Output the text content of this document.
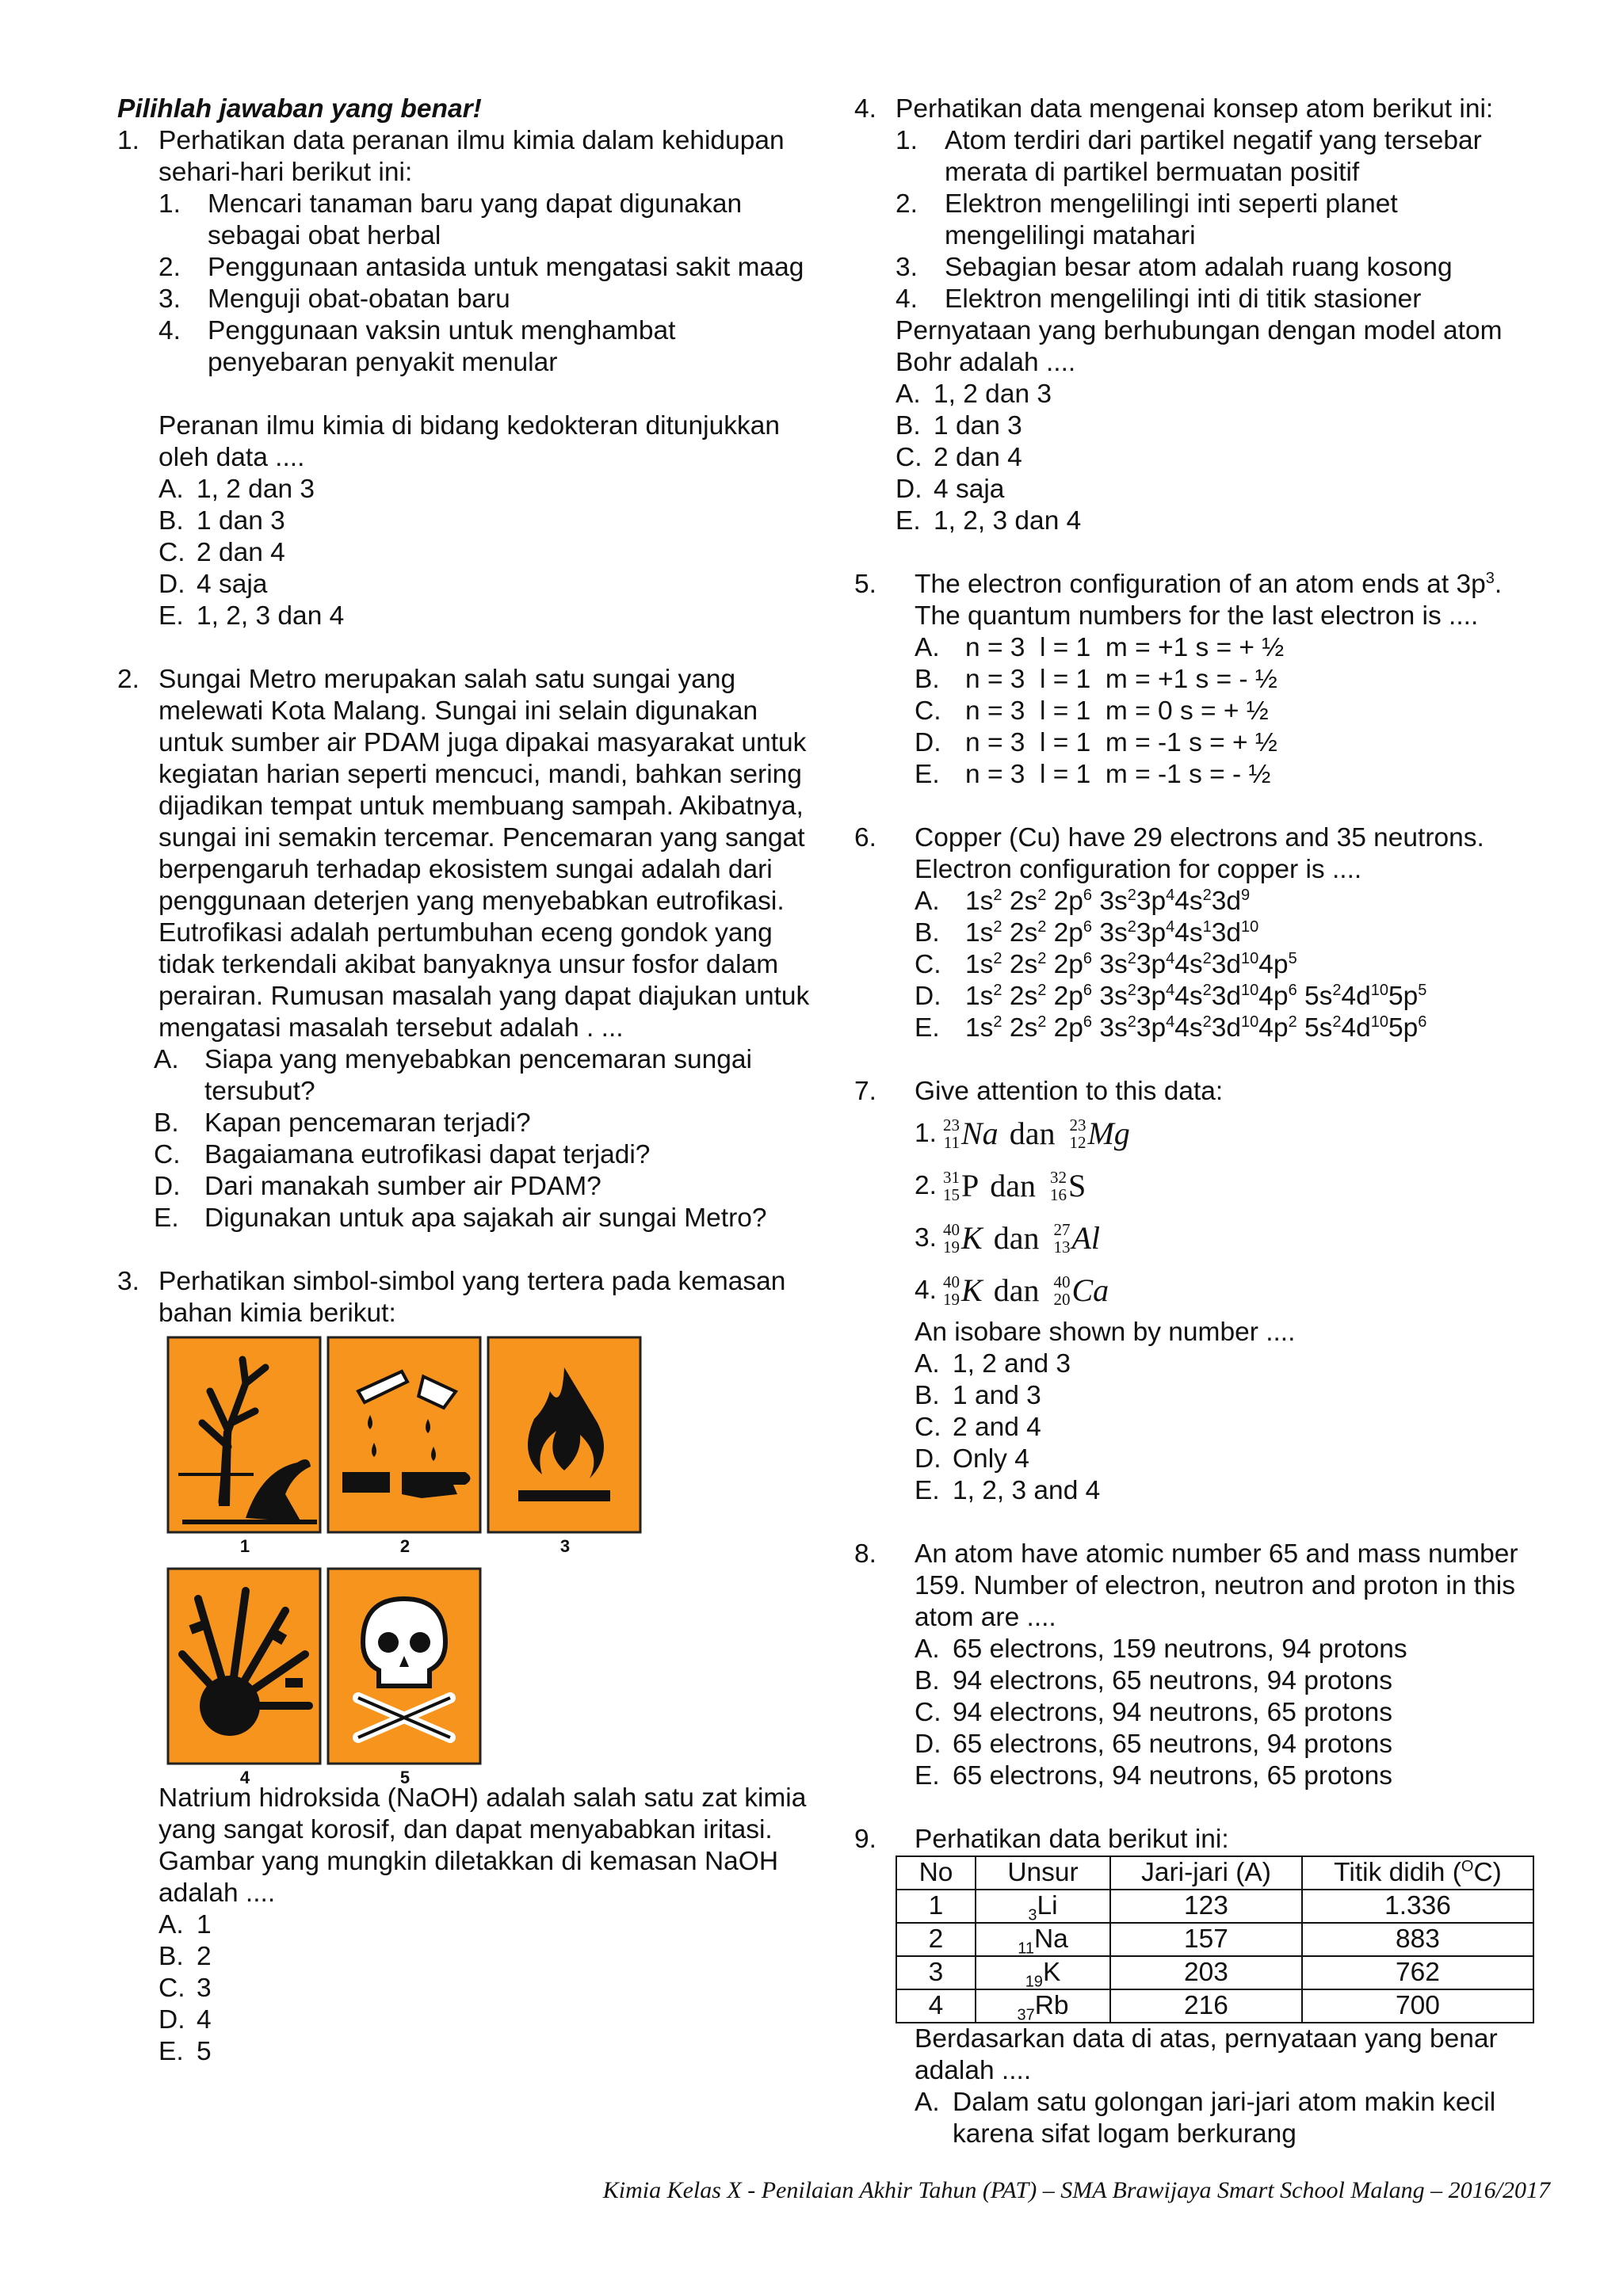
Pilihlah jawaban yang benar!
1. Perhatikan data peranan ilmu kimia dalam kehidupan sehari-hari berikut ini:
1.	Mencari tanaman baru yang dapat digunakan sebagai obat herbal
2.	Penggunaan antasida untuk mengatasi sakit maag
3.	Menguji obat-obatan baru
4.	Penggunaan vaksin untuk menghambat penyebaran penyakit menular
Peranan ilmu kimia di bidang kedokteran ditunjukkan oleh data ....
A. 1, 2 dan 3
B. 1 dan 3
C. 2 dan 4
D. 4 saja
E. 1, 2, 3 dan 4
2. Sungai Metro merupakan salah satu sungai yang melewati Kota Malang. Sungai ini selain digunakan untuk sumber air PDAM juga dipakai masyarakat untuk kegiatan harian seperti mencuci, mandi, bahkan sering dijadikan tempat untuk membuang sampah. Akibatnya, sungai ini semakin tercemar. Pencemaran yang sangat berpengaruh terhadap ekosistem sungai adalah dari penggunaan deterjen yang menyebabkan eutrofikasi. Eutrofikasi adalah pertumbuhan eceng gondok yang tidak terkendali akibat banyaknya unsur fosfor dalam perairan. Rumusan masalah yang dapat diajukan untuk mengatasi masalah tersebut adalah . ...
A. Siapa yang menyebabkan pencemaran sungai tersubut?
B. Kapan pencemaran terjadi?
C. Bagaiamana eutrofikasi dapat terjadi?
D. Dari manakah sumber air PDAM?
E. Digunakan untuk apa sajakah air sungai Metro?
3. Perhatikan simbol-simbol yang tertera pada kemasan bahan kimia berikut:
1	2	3
4	5
Natrium hidroksida (NaOH) adalah salah satu zat kimia yang sangat korosif, dan dapat menyababkan iritasi. Gambar yang mungkin diletakkan di kemasan NaOH adalah ....
A. 1
B. 2
C. 3
D. 4
E. 5
4. Perhatikan data mengenai konsep atom berikut ini:
1.	Atom terdiri dari partikel negatif yang tersebar merata di partikel bermuatan positif
2.	Elektron mengelilingi inti seperti planet mengelilingi matahari
3.	Sebagian besar atom adalah ruang kosong
4.	Elektron mengelilingi inti di titik stasioner
Pernyataan yang berhubungan dengan model atom Bohr adalah ....
A. 1, 2 dan 3
B. 1 dan 3
C. 2 dan 4
D. 4 saja
E. 1, 2, 3 dan 4
5.	The electron configuration of an atom ends at $3p^3$.
The quantum numbers for the last electron is ....
A. n = 3  l = 1  m = +1 s = + ½
B. n = 3  l = 1  m = +1 s = - ½
C. n = 3  l = 1  m = 0 s = + ½
D. n = 3  l = 1  m = -1 s = + ½
E. n = 3  l = 1  m = -1 s = - ½
6.	Copper (Cu) have 29 electrons and 35 neutrons.
Electron configuration for copper is ....
A. $1s^2$ $2s^2$ $2p^6$ $3s^23p^44s^23d^9$
B. $1s^2$ $2s^2$ $2p^6$ $3s^23p^44s^13d^{10}$
C. $1s^2$ $2s^2$ $2p^6$ $3s^23p^44s^23d^{10}4p^5$
D. $1s^2$ $2s^2$ $2p^6$ $3s^23p^44s^23d^{10}4p^6$ $5s^24d^{10}5p^5$
E. $1s^2$ $2s^2$ $2p^6$ $3s^23p^44s^23d^{10}4p^2$ $5s^24d^{10}5p^6$
7.	Give attention to this data:
1. 23
11 Na dan 23
12 Mg
2. 31
15 P dan 32
16 S
3. 40
19 K dan 27
13 Al
4. 40
19 K dan 40
20 Ca
An isobare shown by number ....
A. 1, 2 and 3
B. 1 and 3
C. 2 and 4
D. Only 4
E. 1, 2, 3 and 4
8.	An atom have atomic number 65 and mass number 159. Number of electron, neutron and proton in this atom are ....
A. 65 electrons, 159 neutrons, 94 protons
B. 94 electrons, 65 neutrons, 94 protons
C. 94 electrons, 94 neutrons, 65 protons
D. 65 electrons, 65 neutrons, 94 protons
E. 65 electrons, 94 neutrons, 65 protons
9.	Perhatikan data berikut ini:
No	Unsur	Jari-jari (A)	Titik didih ($^O$C)
1	$_3$Li	123	1.336
2	$_{11}$Na	157	883
3	$_{19}$K	203	762
4	$_{37}$Rb	216	700
Berdasarkan data di atas, pernyataan yang benar adalah ....
A. Dalam satu golongan jari-jari atom makin kecil karena sifat logam berkurang
Kimia Kelas X - Penilaian Akhir Tahun (PAT) – SMA Brawijaya Smart School Malang – 2016/2017
